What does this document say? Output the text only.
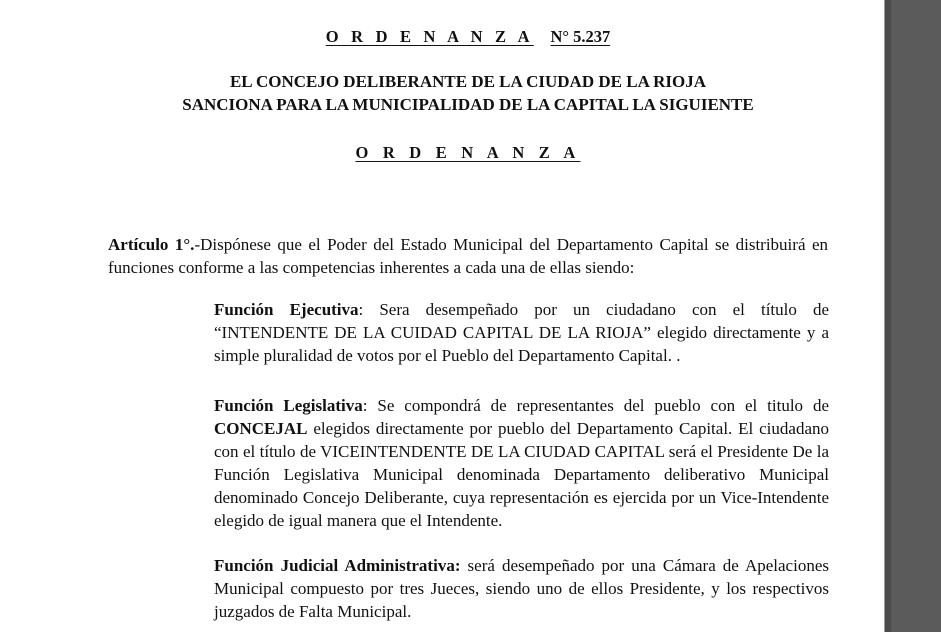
O R D E N A N Z A N° 5.237
EL CONCEJO DELIBERANTE DE LA CIUDAD DE LA RIOJA
SANCIONA PARA LA MUNICIPALIDAD DE LA CAPITAL LA SIGUIENTE
O R D E N A N Z A
Artículo 1°.-Dispónese que el Poder del Estado Municipal del Departamento Capital se distribuirá en funciones conforme a las competencias inherentes a cada una de ellas siendo:
Función Ejecutiva: Sera desempeñado por un ciudadano con el título de “INTENDENTE DE LA CUIDAD CAPITAL DE LA RIOJA” elegido directamente y a simple pluralidad de votos por el Pueblo del Departamento Capital. .
Función Legislativa: Se compondrá de representantes del pueblo con el titulo de CONCEJAL elegidos directamente por pueblo del Departamento Capital. El ciudadano con el título de VICEINTENDENTE DE LA CIUDAD CAPITAL será el Presidente De la Función Legislativa Municipal denominada Departamento deliberativo Municipal denominado Concejo Deliberante, cuya representación es ejercida por un Vice-Intendente elegido de igual manera que el Intendente.
Función Judicial Administrativa: será desempeñado por una Cámara de Apelaciones Municipal compuesto por tres Jueces, siendo uno de ellos Presidente, y los respectivos juzgados de Falta Municipal.
